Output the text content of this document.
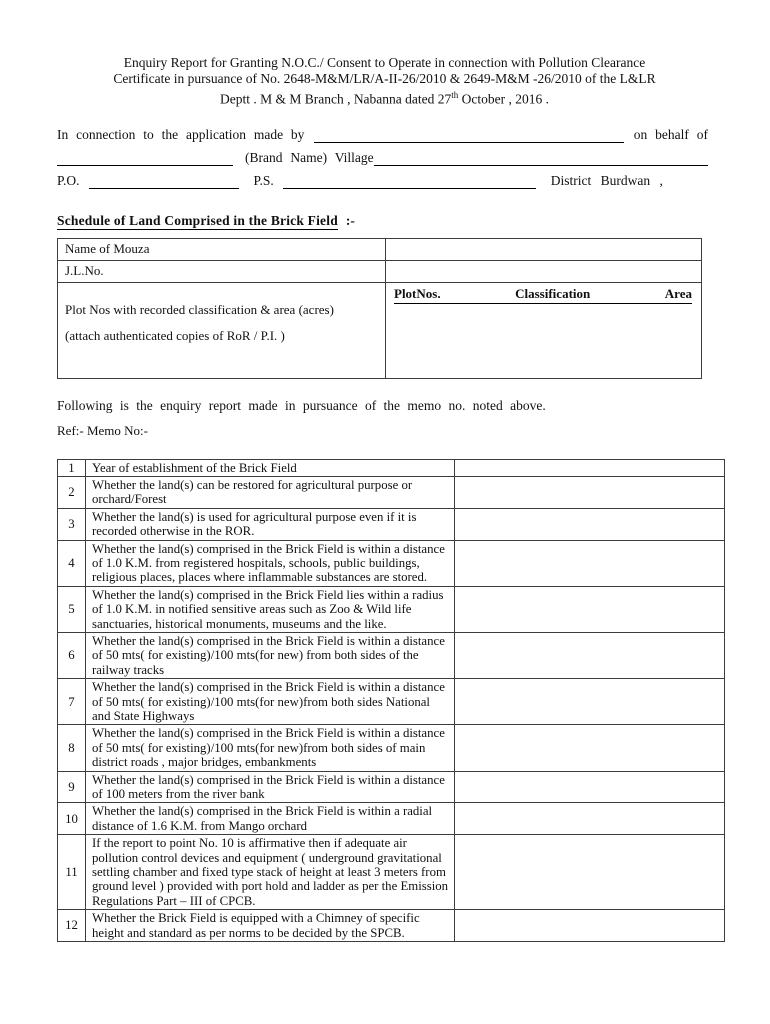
Enquiry Report for Granting N.O.C./ Consent to Operate in connection with Pollution Clearance
Certificate in pursuance of No. 2648-M&M/LR/A-II-26/2010 & 2649-M&M -26/2010 of the L&LR
Deptt . M & M Branch , Nabanna dated 27th October , 2016 .
In connection to the application made by	on behalf of
(Brand Name) Village
P.O.	P.S.	District Burdwan ,
Schedule of Land Comprised in the Brick Field :-
Name of Mouza	
J.L.No.	

Plot Nos with recorded classification & area (acres)
(attach authenticated copies of RoR / P.I. )

PlotNos.	Classification	Area
Following is the enquiry report made in pursuance of the memo no. noted above.
Ref:- Memo No:-
1	Year of establishment of the Brick Field	
2	Whether the land(s) can be restored for agricultural purpose or orchard/Forest	
3	Whether the land(s) is used for agricultural purpose even if it is recorded otherwise in the ROR.	
4	Whether the land(s) comprised in the Brick Field is within a distance of 1.0 K.M. from registered hospitals, schools, public buildings, religious places, places where inflammable substances are stored.	
5	Whether the land(s) comprised in the Brick Field lies within a radius of 1.0 K.M. in notified sensitive areas such as Zoo & Wild life sanctuaries, historical monuments, museums and the like.	
6	Whether the land(s) comprised in the Brick Field is within a distance of 50 mts( for existing)/100 mts(for new) from both sides of the railway tracks	
7	Whether the land(s) comprised in the Brick Field is within a distance of 50 mts( for existing)/100 mts(for new)from both sides National and State Highways	
8	Whether the land(s) comprised in the Brick Field is within a distance of 50 mts( for existing)/100 mts(for new)from both sides of main district roads , major bridges, embankments	
9	Whether the land(s) comprised in the Brick Field is within a distance of 100 meters from the river bank	
10	Whether the land(s) comprised in the Brick Field is within a radial distance of 1.6 K.M. from Mango orchard	
11	If the report to point No. 10 is affirmative then if adequate air pollution control devices and equipment ( underground gravitational settling chamber and fixed type stack of height at least 3 meters from ground level ) provided with port hold and ladder as per the Emission Regulations Part – III of CPCB.	
12	Whether the Brick Field is equipped with a Chimney of specific height and standard as per norms to be decided by the SPCB.	
